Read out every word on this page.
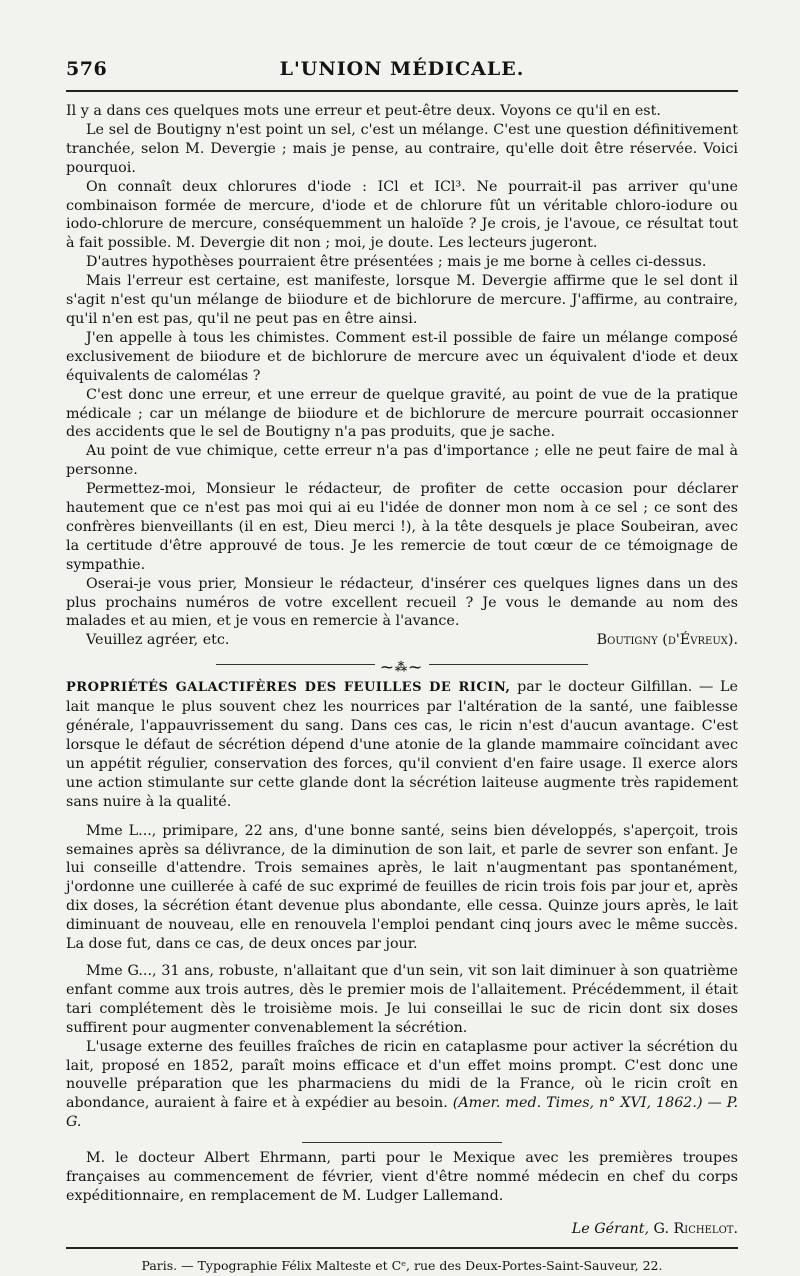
576	L'UNION MÉDICALE.

Il y a dans ces quelques mots une erreur et peut-être deux. Voyons ce qu'il en est.

Le sel de Boutigny n'est point un sel, c'est un mélange. C'est une question définitivement tranchée, selon M. Devergie ; mais je pense, au contraire, qu'elle doit être réservée. Voici pourquoi.

On connaît deux chlorures d'iode : ICl et ICl³. Ne pourrait-il pas arriver qu'une combinaison formée de mercure, d'iode et de chlorure fût un véritable chloro-iodure ou iodo-chlorure de mercure, conséquemment un haloïde ? Je crois, je l'avoue, ce résultat tout à fait possible. M. Devergie dit non ; moi, je doute. Les lecteurs jugeront.

D'autres hypothèses pourraient être présentées ; mais je me borne à celles ci-dessus.

Mais l'erreur est certaine, est manifeste, lorsque M. Devergie affirme que le sel dont il s'agit n'est qu'un mélange de biiodure et de bichlorure de mercure. J'affirme, au contraire, qu'il n'en est pas, qu'il ne peut pas en être ainsi.

J'en appelle à tous les chimistes. Comment est-il possible de faire un mélange composé exclusivement de biiodure et de bichlorure de mercure avec un équivalent d'iode et deux équivalents de calomélas ?

C'est donc une erreur, et une erreur de quelque gravité, au point de vue de la pratique médicale ; car un mélange de biiodure et de bichlorure de mercure pourrait occasionner des accidents que le sel de Boutigny n'a pas produits, que je sache.

Au point de vue chimique, cette erreur n'a pas d'importance ; elle ne peut faire de mal à personne.

Permettez-moi, Monsieur le rédacteur, de profiter de cette occasion pour déclarer hautement que ce n'est pas moi qui ai eu l'idée de donner mon nom à ce sel ; ce sont des confrères bienveillants (il en est, Dieu merci !), à la tête desquels je place Soubeiran, avec la certitude d'être approuvé de tous. Je les remercie de tout cœur de ce témoignage de sympathie.

Oserai-je vous prier, Monsieur le rédacteur, d'insérer ces quelques lignes dans un des plus prochains numéros de votre excellent recueil ? Je vous le demande au nom des malades et au mien, et je vous en remercie à l'avance.

Veuillez agréer, etc.	Boutigny (d'Évreux).
⁓⁂⁓

PROPRIÉTÉS GALACTIFÈRES DES FEUILLES DE RICIN, par le docteur Gilfillan. — Le lait manque le plus souvent chez les nourrices par l'altération de la santé, une faiblesse générale, l'appauvrissement du sang. Dans ces cas, le ricin n'est d'aucun avantage. C'est lorsque le défaut de sécrétion dépend d'une atonie de la glande mammaire coïncidant avec un appétit régulier, conservation des forces, qu'il convient d'en faire usage. Il exerce alors une action stimulante sur cette glande dont la sécrétion laiteuse augmente très rapidement sans nuire à la qualité.

Mme L..., primipare, 22 ans, d'une bonne santé, seins bien développés, s'aperçoit, trois semaines après sa délivrance, de la diminution de son lait, et parle de sevrer son enfant. Je lui conseille d'attendre. Trois semaines après, le lait n'augmentant pas spontanément, j'ordonne une cuillerée à café de suc exprimé de feuilles de ricin trois fois par jour et, après dix doses, la sécrétion étant devenue plus abondante, elle cessa. Quinze jours après, le lait diminuant de nouveau, elle en renouvela l'emploi pendant cinq jours avec le même succès. La dose fut, dans ce cas, de deux onces par jour.

Mme G..., 31 ans, robuste, n'allaitant que d'un sein, vit son lait diminuer à son quatrième enfant comme aux trois autres, dès le premier mois de l'allaitement. Précédemment, il était tari complétement dès le troisième mois. Je lui conseillai le suc de ricin dont six doses suffirent pour augmenter convenablement la sécrétion.

L'usage externe des feuilles fraîches de ricin en cataplasme pour activer la sécrétion du lait, proposé en 1852, paraît moins efficace et d'un effet moins prompt. C'est donc une nouvelle préparation que les pharmaciens du midi de la France, où le ricin croît en abondance, auraient à faire et à expédier au besoin. (Amer. med. Times, n° XVI, 1862.) — P. G.

M. le docteur Albert Ehrmann, parti pour le Mexique avec les premières troupes françaises au commencement de février, vient d'être nommé médecin en chef du corps expéditionnaire, en remplacement de M. Ludger Lallemand.

Le Gérant, G. Richelot.
Paris. — Typographie Félix Malteste et Cᵉ, rue des Deux-Portes-Saint-Sauveur, 22.
